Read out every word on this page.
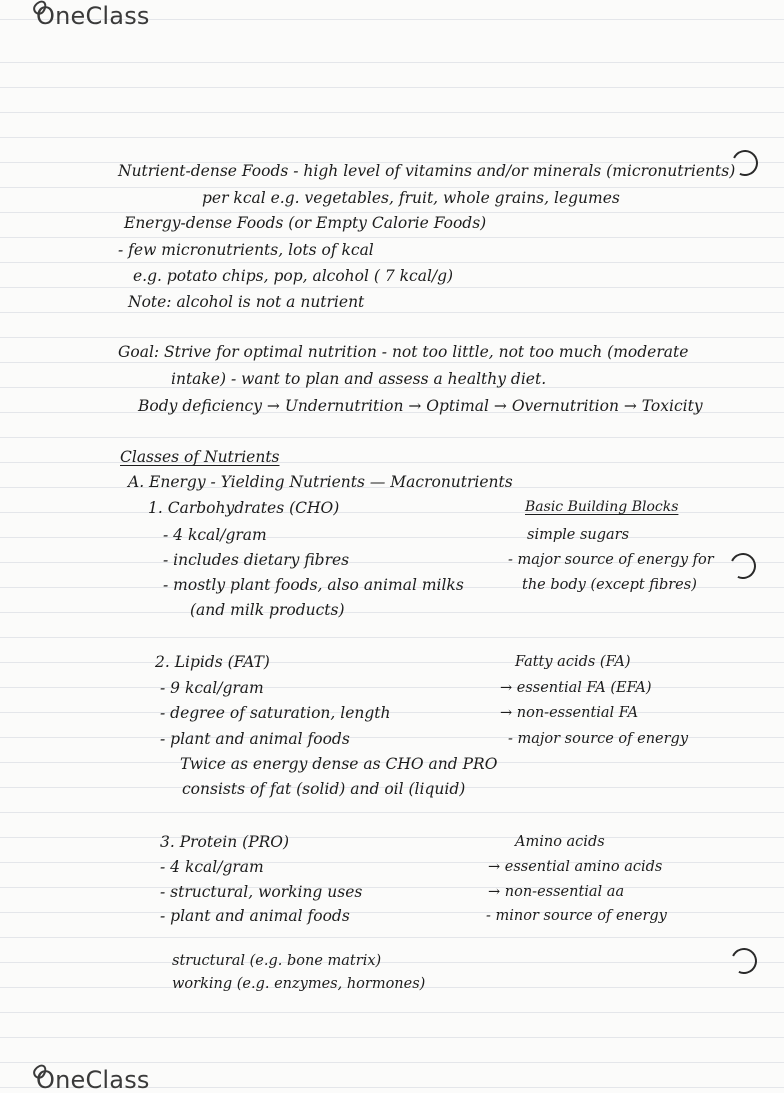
OneClass
Nutrient-dense Foods - high level of vitamins and/or minerals (micronutrients)
per kcal e.g. vegetables, fruit, whole grains, legumes
Energy-dense Foods (or Empty Calorie Foods)
- few micronutrients, lots of kcal
e.g. potato chips, pop, alcohol ( 7 kcal/g)
Note: alcohol is not a nutrient
Goal: Strive for optimal nutrition - not too little, not too much (moderate
intake) - want to plan and assess a healthy diet.
Body deficiency → Undernutrition → Optimal → Overnutrition → Toxicity
Classes of Nutrients
A. Energy - Yielding Nutrients — Macronutrients
1. Carbohydrates (CHO)	Basic Building Blocks
- 4 kcal/gram
- includes dietary fibres
- mostly plant foods, also animal milks
(and milk products)
simple sugars
- major source of energy for
the body (except fibres)
2. Lipids (FAT)
- 9 kcal/gram
- degree of saturation, length
- plant and animal foods
Twice as energy dense as CHO and PRO
consists of fat (solid) and oil (liquid)
Fatty acids (FA)
→ essential FA (EFA)
→ non-essential FA
- major source of energy
3. Protein (PRO)
- 4 kcal/gram
- structural, working uses
- plant and animal foods
Amino acids
→ essential amino acids
→ non-essential aa
- minor source of energy
structural (e.g. bone matrix)
working (e.g. enzymes, hormones)
OneClass
